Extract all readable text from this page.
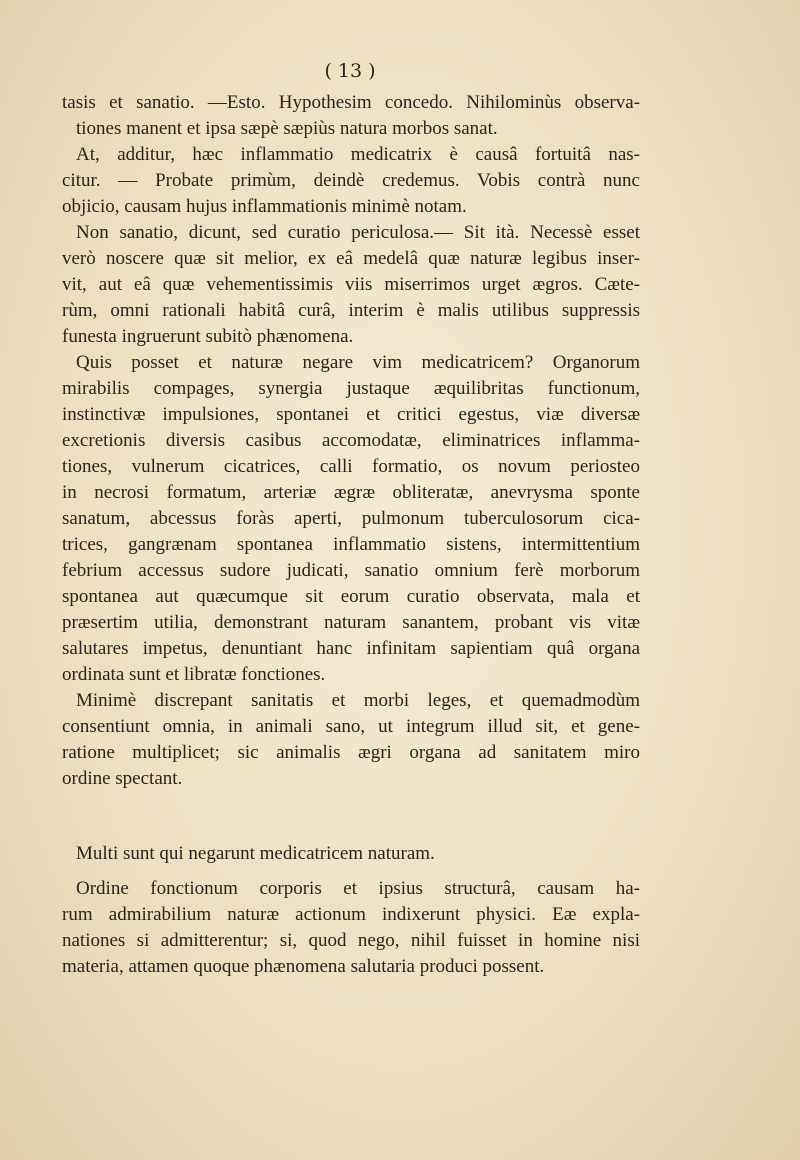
( 13 )
tasis et sanatio. —Esto. Hypothesim concedo. Nihilominùs observa-
tiones manent et ipsa sæpè sæpiùs natura morbos sanat.
At, additur, hæc inflammatio medicatrix è causâ fortuitâ nas-
citur. — Probate primùm, deindè credemus. Vobis contrà nunc
objicio, causam hujus inflammationis minimè notam.
Non sanatio, dicunt, sed curatio periculosa.— Sit ità. Necessè esset
verò noscere quæ sit melior, ex eâ medelâ quæ naturæ legibus inser-
vit, aut eâ quæ vehementissimis viis miserrimos urget ægros. Cæte-
rùm, omni rationali habitâ curâ, interim è malis utilibus suppressis
funesta ingruerunt subitò phænomena.
Quis posset et naturæ negare vim medicatricem? Organorum
mirabilis compages, synergia justaque æquilibritas functionum,
instinctivæ impulsiones, spontanei et critici egestus, viæ diversæ
excretionis diversis casibus accomodatæ, eliminatrices inflamma-
tiones, vulnerum cicatrices, calli formatio, os novum periosteo
in necrosi formatum, arteriæ ægræ obliteratæ, anevrysma sponte
sanatum, abcessus foràs aperti, pulmonum tuberculosorum cica-
trices, gangrænam spontanea inflammatio sistens, intermittentium
febrium accessus sudore judicati, sanatio omnium ferè morborum
spontanea aut quæcumque sit eorum curatio observata, mala et
præsertim utilia, demonstrant naturam sanantem, probant vis vitæ
salutares impetus, denuntiant hanc infinitam sapientiam quâ organa
ordinata sunt et libratæ fonctiones.
Minimè discrepant sanitatis et morbi leges, et quemadmodùm
consentiunt omnia, in animali sano, ut integrum illud sit, et gene-
ratione multiplicet; sic animalis ægri organa ad sanitatem miro
ordine spectant.
Multi sunt qui negarunt medicatricem naturam.
Ordine fonctionum corporis et ipsius structurâ, causam ha-
rum admirabilium naturæ actionum indixerunt physici. Eæ expla-
nationes si admitterentur; si, quod nego, nihil fuisset in homine nisi
materia, attamen quoque phænomena salutaria produci possent.
